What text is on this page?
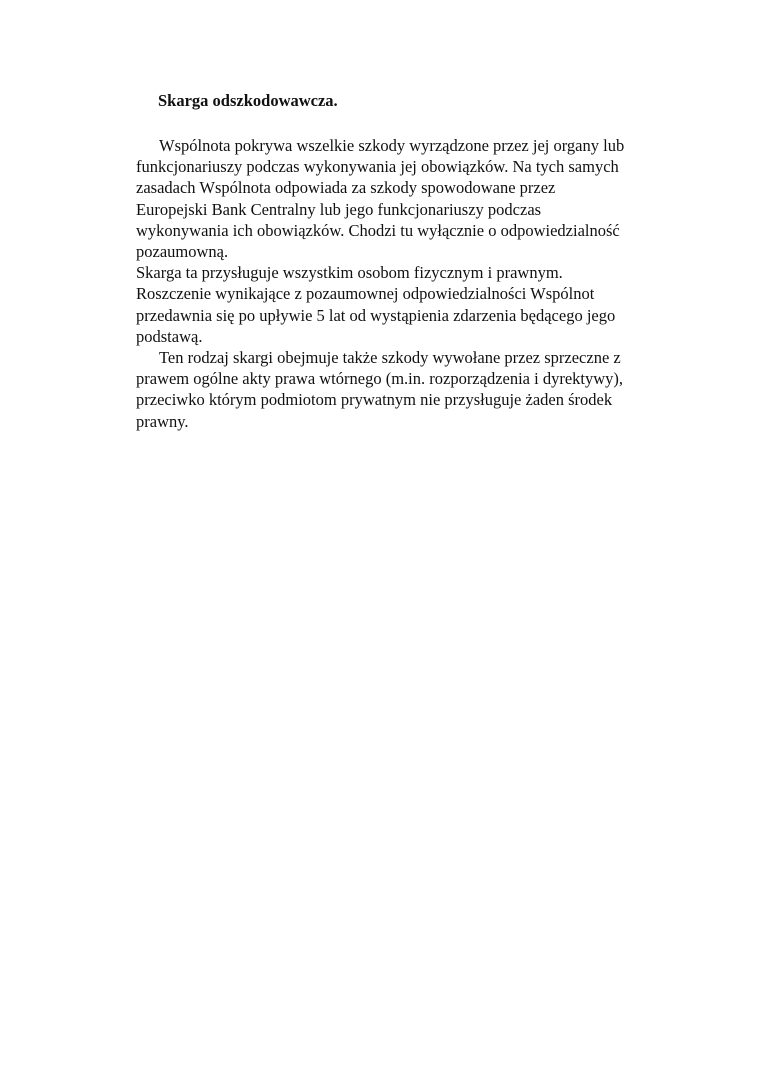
Skarga odszkodowawcza.
Wspólnota pokrywa wszelkie szkody wyrządzone przez jej organy lub
funkcjonariuszy podczas wykonywania jej obowiązków. Na tych samych
zasadach Wspólnota odpowiada za szkody spowodowane przez
Europejski Bank Centralny lub jego funkcjonariuszy podczas
wykonywania ich obowiązków. Chodzi tu wyłącznie o odpowiedzialność
pozaumowną.
Skarga ta przysługuje wszystkim osobom fizycznym i prawnym.
Roszczenie wynikające z pozaumownej odpowiedzialności Wspólnot
przedawnia się po upływie 5 lat od wystąpienia zdarzenia będącego jego
podstawą.
Ten rodzaj skargi obejmuje także szkody wywołane przez sprzeczne z
prawem ogólne akty prawa wtórnego (m.in. rozporządzenia i dyrektywy),
przeciwko którym podmiotom prywatnym nie przysługuje żaden środek
prawny.
